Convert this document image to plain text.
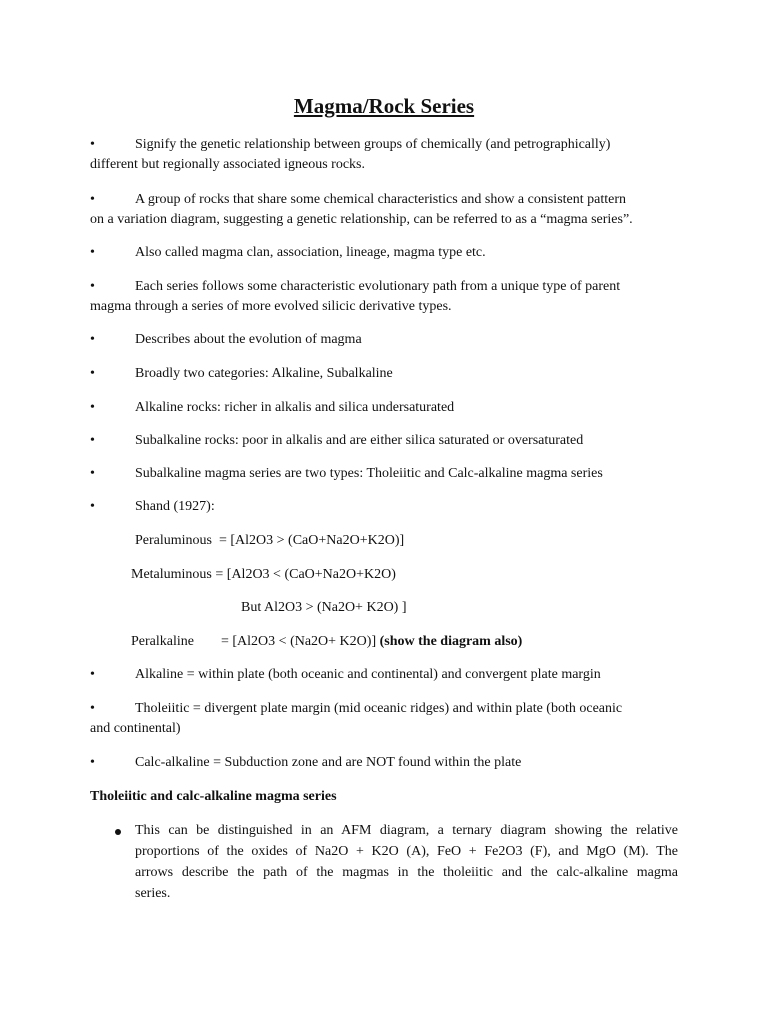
Magma/Rock Series
•	Signify the genetic relationship between groups of chemically (and petrographically)
different but regionally associated igneous rocks.
•	A group of rocks that share some chemical characteristics and show a consistent pattern
on a variation diagram, suggesting a genetic relationship, can be referred to as a “magma series”.
•	Also called magma clan, association, lineage, magma type etc.
•	Each series follows some characteristic evolutionary path from a unique type of parent
magma through a series of more evolved silicic derivative types.
•	Describes about the evolution of magma
•	Broadly two categories: Alkaline, Subalkaline
•	Alkaline rocks: richer in alkalis and silica undersaturated
•	Subalkaline rocks: poor in alkalis and are either silica saturated or oversaturated
•	Subalkaline magma series are two types: Tholeiitic and Calc-alkaline magma series
•	Shand (1927):
Peraluminous  = [Al2O3 > (CaO+Na2O+K2O)]
Metaluminous = [Al2O3 < (CaO+Na2O+K2O)
But Al2O3 > (Na2O+ K2O) ]
Peralkaline = [Al2O3 < (Na2O+ K2O)] (show the diagram also)
•	Alkaline = within plate (both oceanic and continental) and convergent plate margin
•	Tholeiitic = divergent plate margin (mid oceanic ridges) and within plate (both oceanic
and continental)
•	Calc-alkaline = Subduction zone and are NOT found within the plate
Tholeiitic and calc-alkaline magma series
This can be distinguished in an AFM diagram, a ternary diagram showing the relative
proportions of the oxides of Na2O + K2O (A), FeO + Fe2O3 (F), and MgO (M). The
arrows describe the path of the magmas in the tholeiitic and the calc-alkaline magma
series.
